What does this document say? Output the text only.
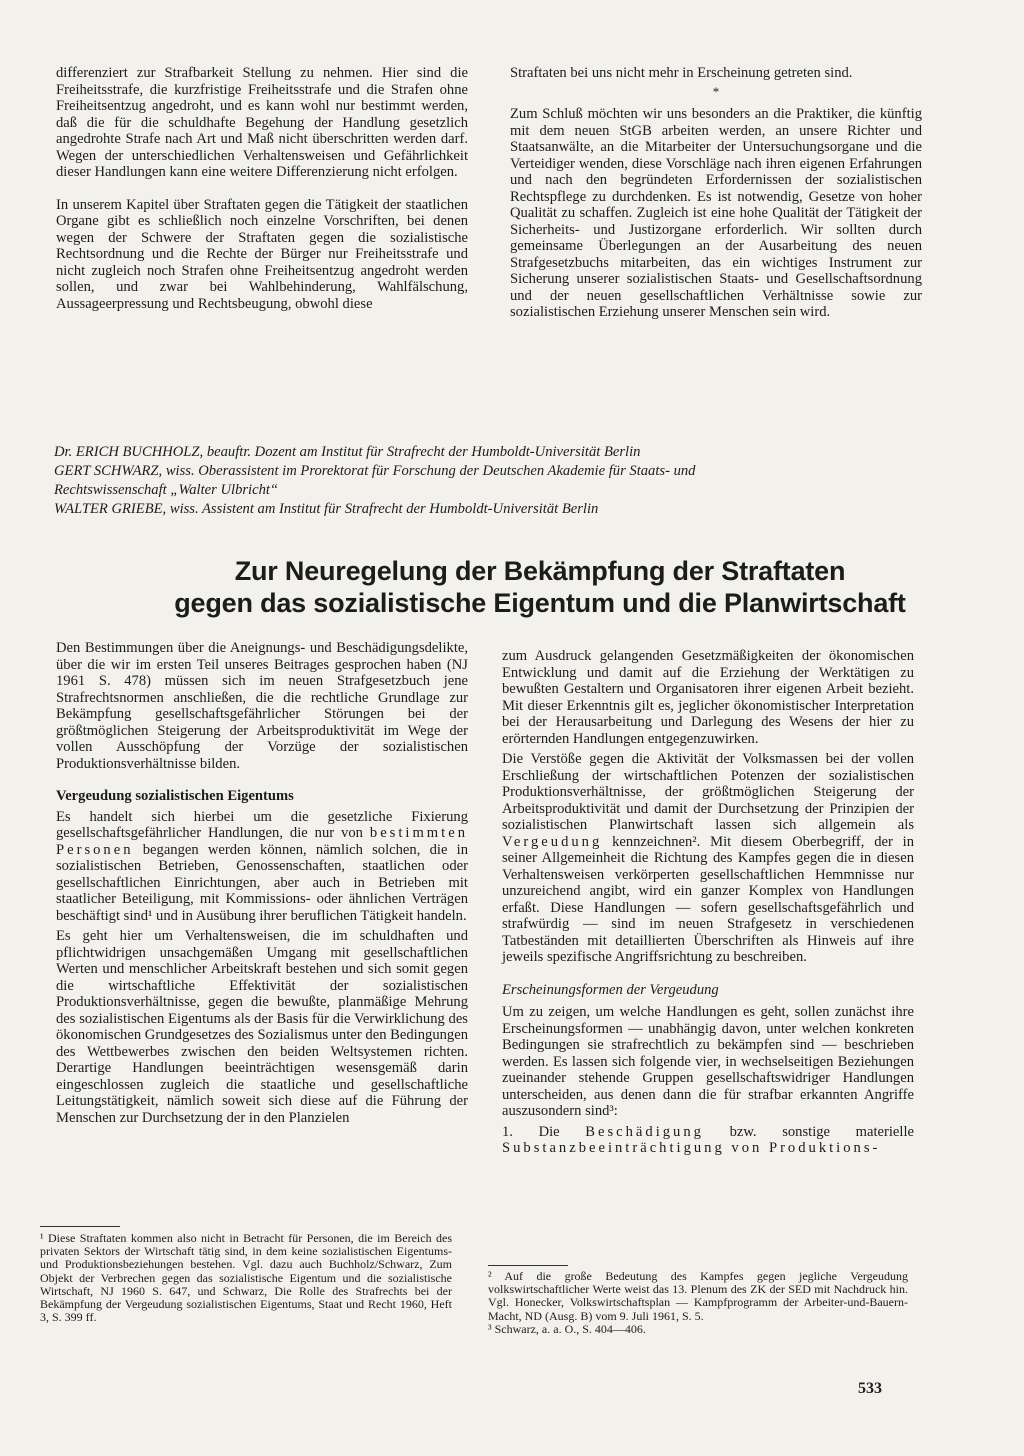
differenziert zur Strafbarkeit Stellung zu nehmen. Hier sind die Freiheitsstrafe, die kurzfristige Freiheitsstrafe und die Strafen ohne Freiheitsentzug angedroht, und es kann wohl nur bestimmt werden, daß die für die schuldhafte Begehung der Handlung gesetzlich angedrohte Strafe nach Art und Maß nicht überschritten werden darf. Wegen der unterschiedlichen Verhaltensweisen und Gefährlichkeit dieser Handlungen kann eine weitere Differenzierung nicht erfolgen.

In unserem Kapitel über Straftaten gegen die Tätigkeit der staatlichen Organe gibt es schließlich noch einzelne Vorschriften, bei denen wegen der Schwere der Straftaten gegen die sozialistische Rechtsordnung und die Rechte der Bürger nur Freiheitsstrafe und nicht zugleich noch Strafen ohne Freiheitsentzug angedroht werden sollen, und zwar bei Wahlbehinderung, Wahlfälschung, Aussageerpressung und Rechtsbeugung, obwohl diese

Straftaten bei uns nicht mehr in Erscheinung getreten sind.

*

Zum Schluß möchten wir uns besonders an die Praktiker, die künftig mit dem neuen StGB arbeiten werden, an unsere Richter und Staatsanwälte, an die Mitarbeiter der Untersuchungsorgane und die Verteidiger wenden, diese Vorschläge nach ihren eigenen Erfahrungen und nach den begründeten Erfordernissen der sozialistischen Rechtspflege zu durchdenken. Es ist notwendig, Gesetze von hoher Qualität zu schaffen. Zugleich ist eine hohe Qualität der Tätigkeit der Sicherheits- und Justizorgane erforderlich. Wir sollten durch gemeinsame Überlegungen an der Ausarbeitung des neuen Strafgesetzbuchs mitarbeiten, das ein wichtiges Instrument zur Sicherung unserer sozialistischen Staats- und Gesellschaftsordnung und der neuen gesellschaftlichen Verhältnisse sowie zur sozialistischen Erziehung unserer Menschen sein wird.

Dr. ERICH BUCHHOLZ, beauftr. Dozent am Institut für Strafrecht der Humboldt-Universität Berlin
GERT SCHWARZ, wiss. Oberassistent im Prorektorat für Forschung der Deutschen Akademie für Staats- und
Rechtswissenschaft „Walter Ulbricht“
WALTER GRIEBE, wiss. Assistent am Institut für Strafrecht der Humboldt-Universität Berlin
Zur Neuregelung der Bekämpfung der Straftaten
gegen das sozialistische Eigentum und die Planwirtschaft

Den Bestimmungen über die Aneignungs- und Beschädigungsdelikte, über die wir im ersten Teil unseres Beitrages gesprochen haben (NJ 1961 S. 478) müssen sich im neuen Strafgesetzbuch jene Strafrechtsnormen anschließen, die die rechtliche Grundlage zur Bekämpfung gesellschaftsgefährlicher Störungen bei der größtmöglichen Steigerung der Arbeitsproduktivität im Wege der vollen Ausschöpfung der Vorzüge der sozialistischen Produktionsverhältnisse bilden.

Vergeudung sozialistischen Eigentums

Es handelt sich hierbei um die gesetzliche Fixierung gesellschaftsgefährlicher Handlungen, die nur von bestimmten Personen begangen werden können, nämlich solchen, die in sozialistischen Betrieben, Genossenschaften, staatlichen oder gesellschaftlichen Einrichtungen, aber auch in Betrieben mit staatlicher Beteiligung, mit Kommissions- oder ähnlichen Verträgen beschäftigt sind¹ und in Ausübung ihrer beruflichen Tätigkeit handeln.

Es geht hier um Verhaltensweisen, die im schuldhaften und pflichtwidrigen unsachgemäßen Umgang mit gesellschaftlichen Werten und menschlicher Arbeitskraft bestehen und sich somit gegen die wirtschaftliche Effektivität der sozialistischen Produktionsverhältnisse, gegen die bewußte, planmäßige Mehrung des sozialistischen Eigentums als der Basis für die Verwirklichung des ökonomischen Grundgesetzes des Sozialismus unter den Bedingungen des Wettbewerbes zwischen den beiden Weltsystemen richten. Derartige Handlungen beeinträchtigen wesensgemäß darin eingeschlossen zugleich die staatliche und gesellschaftliche Leitungstätigkeit, nämlich soweit sich diese auf die Führung der Menschen zur Durchsetzung der in den Planzielen

zum Ausdruck gelangenden Gesetzmäßigkeiten der ökonomischen Entwicklung und damit auf die Erziehung der Werktätigen zu bewußten Gestaltern und Organisatoren ihrer eigenen Arbeit bezieht. Mit dieser Erkenntnis gilt es, jeglicher ökonomistischer Interpretation bei der Herausarbeitung und Darlegung des Wesens der hier zu erörternden Handlungen entgegenzuwirken.

Die Verstöße gegen die Aktivität der Volksmassen bei der vollen Erschließung der wirtschaftlichen Potenzen der sozialistischen Produktionsverhältnisse, der größtmöglichen Steigerung der Arbeitsproduktivität und damit der Durchsetzung der Prinzipien der sozialistischen Planwirtschaft lassen sich allgemein als Vergeudung kennzeichnen². Mit diesem Oberbegriff, der in seiner Allgemeinheit die Richtung des Kampfes gegen die in diesen Verhaltensweisen verkörperten gesellschaftlichen Hemmnisse nur unzureichend angibt, wird ein ganzer Komplex von Handlungen erfaßt. Diese Handlungen — sofern gesellschaftsgefährlich und strafwürdig — sind im neuen Strafgesetz in verschiedenen Tatbeständen mit detaillierten Überschriften als Hinweis auf ihre jeweils spezifische Angriffsrichtung zu beschreiben.

Erscheinungsformen der Vergeudung

Um zu zeigen, um welche Handlungen es geht, sollen zunächst ihre Erscheinungsformen — unabhängig davon, unter welchen konkreten Bedingungen sie strafrechtlich zu bekämpfen sind — beschrieben werden. Es lassen sich folgende vier, in wechselseitigen Beziehungen zueinander stehende Gruppen gesellschaftswidriger Handlungen unterscheiden, aus denen dann die für strafbar erkannten Angriffe auszusondern sind³:

1. Die Beschädigung bzw. sonstige materielle Substanzbeeinträchtigung von Produktions-

¹ Diese Straftaten kommen also nicht in Betracht für Personen, die im Bereich des privaten Sektors der Wirtschaft tätig sind, in dem keine sozialistischen Eigentums- und Produktionsbeziehungen bestehen. Vgl. dazu auch Buchholz/Schwarz, Zum Objekt der Verbrechen gegen das sozialistische Eigentum und die sozialistische Wirtschaft, NJ 1960 S. 647, und Schwarz, Die Rolle des Strafrechts bei der Bekämpfung der Vergeudung sozialistischen Eigentums, Staat und Recht 1960, Heft 3, S. 399 ff.

² Auf die große Bedeutung des Kampfes gegen jegliche Vergeudung volkswirtschaftlicher Werte weist das 13. Plenum des ZK der SED mit Nachdruck hin. Vgl. Honecker, Volkswirtschaftsplan — Kampfprogramm der Arbeiter-und-Bauern-Macht, ND (Ausg. B) vom 9. Juli 1961, S. 5.

³ Schwarz, a. a. O., S. 404—406.

533
